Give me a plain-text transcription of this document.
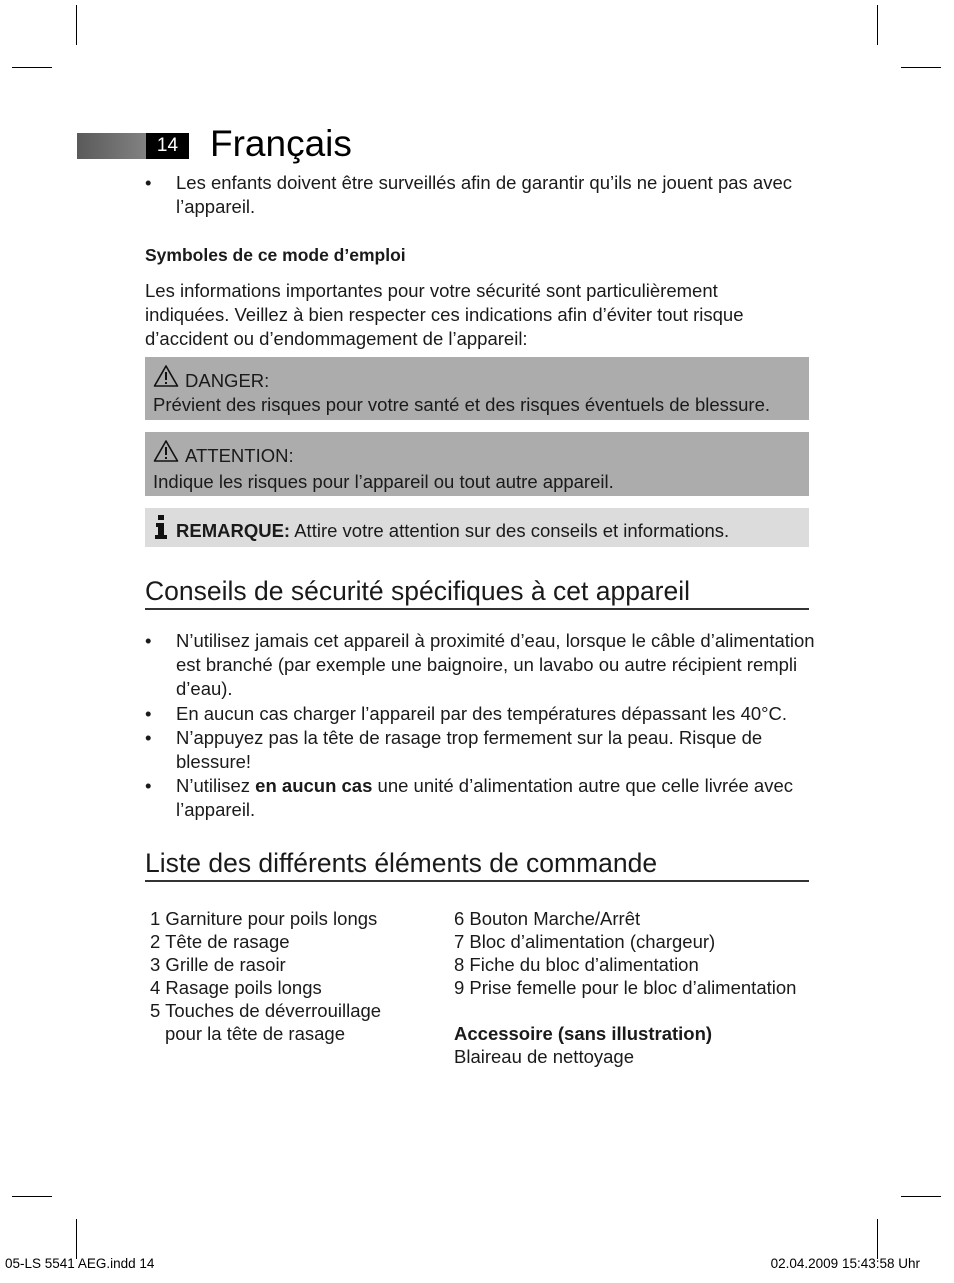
14 Français
• Les enfants doivent être surveillés afin de garantir qu’ils ne jouent pas avec l’appareil.
Symboles de ce mode d’emploi
Les informations importantes pour votre sécurité sont particulièrement indiquées. Veillez à bien respecter ces indications afin d’éviter tout risque d’accident ou d’endommagement de l’appareil:
DANGER:
Prévient des risques pour votre santé et des risques éventuels de blessure.
ATTENTION:
Indique les risques pour l’appareil ou tout autre appareil.
REMARQUE: Attire votre attention sur des conseils et informations.
Conseils de sécurité spécifiques à cet appareil
• N’utilisez jamais cet appareil à proximité d’eau, lorsque le câble d’alimentation est branché (par exemple une baignoire, un lavabo ou autre récipient rempli d’eau).
• En aucun cas charger l’appareil par des températures dépassant les 40°C.
• N’appuyez pas la tête de rasage trop fermement sur la peau. Risque de blessure!
• N’utilisez en aucun cas une unité d’alimentation autre que celle livrée avec l’appareil.
Liste des différents éléments de commande
1 Garniture pour poils longs
2 Tête de rasage
3 Grille de rasoir
4 Rasage poils longs
5 Touches de déverrouillage
pour la tête de rasage
6 Bouton Marche/Arrêt
7 Bloc d’alimentation (chargeur)
8 Fiche du bloc d’alimentation
9 Prise femelle pour le bloc d’alimentation
Accessoire (sans illustration)
Blaireau de nettoyage
05-LS 5541 AEG.indd 14	02.04.2009 15:43:58 Uhr
